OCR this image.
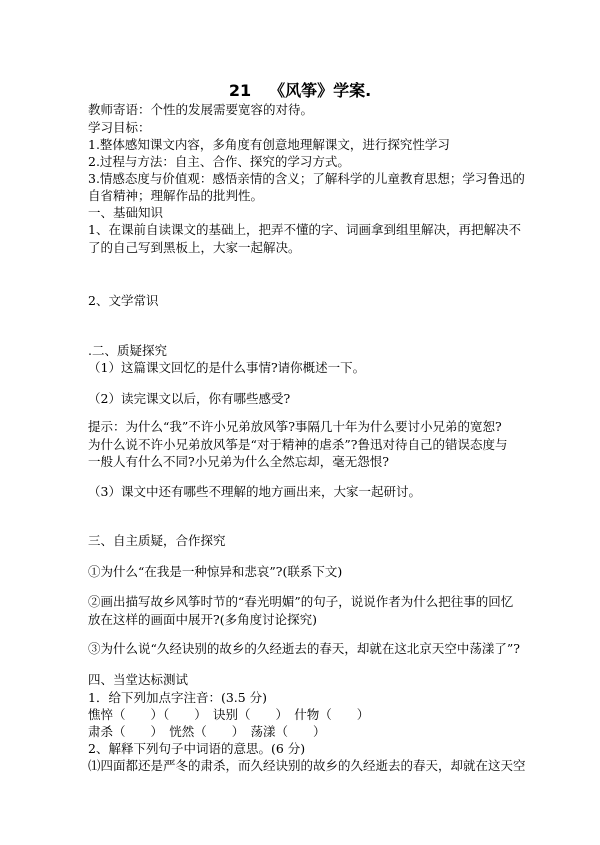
21 《风筝》学案.
教师寄语：个性的发展需要宽容的对待。
学习目标：
1.整体感知课文内容，多角度有创意地理解课文，进行探究性学习
2.过程与方法：自主、合作、探究的学习方式。
3.情感态度与价值观：感悟亲情的含义；了解科学的儿童教育思想；学习鲁迅的
自省精神；理解作品的批判性。
一、基础知识
1、在课前自读课文的基础上，把弄不懂的字、词画拿到组里解决，再把解决不
了的自己写到黑板上，大家一起解决。
2、文学常识
.二、质疑探究
（1）这篇课文回忆的是什么事情?请你概述一下。
（2）读完课文以后，你有哪些感受?
提示：为什么“我”不许小兄弟放风筝?事隔几十年为什么要讨小兄弟的宽恕?
为什么说不许小兄弟放风筝是“对于精神的虐杀”?鲁迅对待自己的错误态度与
一般人有什么不同?小兄弟为什么全然忘却，毫无怨恨?
（3）课文中还有哪些不理解的地方画出来，大家一起研讨。
三、自主质疑，合作探究
①为什么“在我是一种惊异和悲哀”?(联系下文)
②画出描写故乡风筝时节的“春光明媚”的句子，说说作者为什么把往事的回忆
放在这样的画面中展开?(多角度讨论探究)
③为什么说“久经诀别的故乡的久经逝去的春天，却就在这北京天空中荡漾了”?
四、当堂达标测试
1．给下列加点字注音：(3.5 分)
憔悴（　　）（　　）　诀别（　　）　什物（　　）
肃杀（　　）　恍然（　　）　荡漾（　　）
2、解释下列句子中词语的意思。(6 分)
⑴四面都还是严冬的肃杀，而久经诀别的故乡的久经逝去的春天，却就在这天空
